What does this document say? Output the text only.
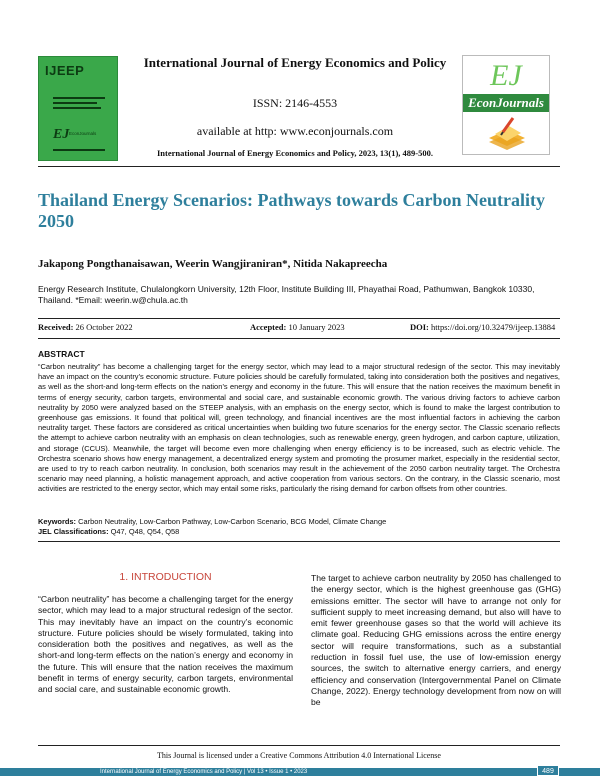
IJEEP
EJ EconJournals
International Journal of Energy Economics and Policy
ISSN: 2146-4553
available at http: www.econjournals.com
International Journal of Energy Economics and Policy, 2023, 13(1), 489-500.
EJ
EconJournals
Thailand Energy Scenarios: Pathways towards Carbon Neutrality 2050
Jakapong Pongthanaisawan, Weerin Wangjiraniran*, Nitida Nakapreecha
Energy Research Institute, Chulalongkorn University, 12th Floor, Institute Building III, Phayathai Road, Pathumwan, Bangkok 10330, Thailand. *Email: weerin.w@chula.ac.th
Received: 26 October 2022	Accepted: 10 January 2023	DOI: https://doi.org/10.32479/ijeep.13884
ABSTRACT
“Carbon neutrality” has become a challenging target for the energy sector, which may lead to a major structural redesign of the sector. This may inevitably have an impact on the country’s economic structure. Future policies should be carefully formulated, taking into consideration both the positives and negatives, as well as the short-and long-term effects on the nation’s energy and economy in the future. This will ensure that the nation receives the maximum benefit in terms of energy security, carbon targets, environmental and social care, and sustainable economic growth. The various driving factors to achieve carbon neutrality by 2050 were analyzed based on the STEEP analysis, with an emphasis on the energy sector, which is found to make the largest contribution to greenhouse gas emissions. It found that political will, green technology, and financial incentives are the most influential factors in achieving the carbon neutrality target. These factors are considered as critical uncertainties when building two future scenarios for the energy sector. The Classic scenario reflects the attempt to achieve carbon neutrality with an emphasis on clean technologies, such as renewable energy, green hydrogen, and carbon capture, utilization, and storage (CCUS). Meanwhile, the target will become even more challenging when energy efficiency is to be increased, such as electric vehicle. The Orchestra scenario shows how energy management, a decentralized energy system and promoting the prosumer market, especially in the residential sector, are used to try to reach carbon neutrality. In conclusion, both scenarios may result in the achievement of the 2050 carbon neutrality target. The Orchestra scenario may need planning, a holistic management approach, and active cooperation from various sectors. On the contrary, in the Classic scenario, most activities are restricted to the energy sector, which may entail some risks, particularly the rising demand for carbon offsets from other countries.
Keywords: Carbon Neutrality, Low-Carbon Pathway, Low-Carbon Scenario, BCG Model, Climate Change
JEL Classifications: Q47, Q48, Q54, Q58
1. INTRODUCTION
“Carbon neutrality” has become a challenging target for the energy sector, which may lead to a major structural redesign of the sector. This may inevitably have an impact on the country’s economic structure. Future policies should be wisely formulated, taking into consideration both the positives and negatives, as well as the short-and long-term effects on the nation’s energy and economy in the future. This will ensure that the nation receives the maximum benefit in terms of energy security, carbon targets, environmental and social care, and sustainable economic growth.
The target to achieve carbon neutrality by 2050 has challenged to the energy sector, which is the highest greenhouse gas (GHG) emissions emitter. The sector will have to arrange not only for sufficient supply to meet increasing demand, but also will have to emit fewer greenhouse gases so that the world will achieve its climate goal. Reducing GHG emissions across the entire energy sector will require transformations, such as a substantial reduction in fossil fuel use, the use of low-emission energy sources, the switch to alternative energy carriers, and energy efficiency and conservation (Intergovernmental Panel on Climate Change, 2022). Energy technology development from now on will be
This Journal is licensed under a Creative Commons Attribution 4.0 International License
International Journal of Energy Economics and Policy | Vol 13 • Issue 1 • 2023	489
